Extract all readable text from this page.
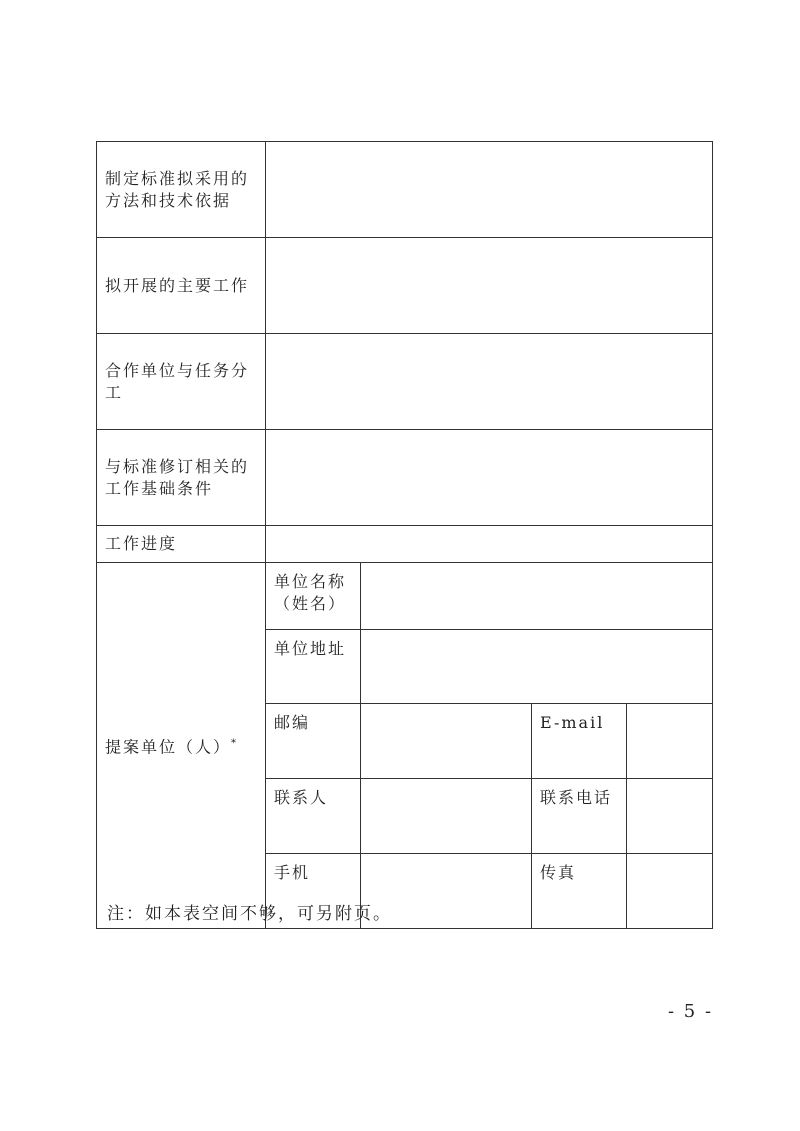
制定标准拟采用的方法和技术依据				
拟开展的主要工作				
合作单位与任务分工				
与标准修订相关的工作基础条件				
工作进度				
提案单位（人）*	单位名称（姓名）			
	单位地址			
	邮编		E-mail	
	联系人		联系电话	
	手机		传真	
注：如本表空间不够，可另附页。
- 5 -
